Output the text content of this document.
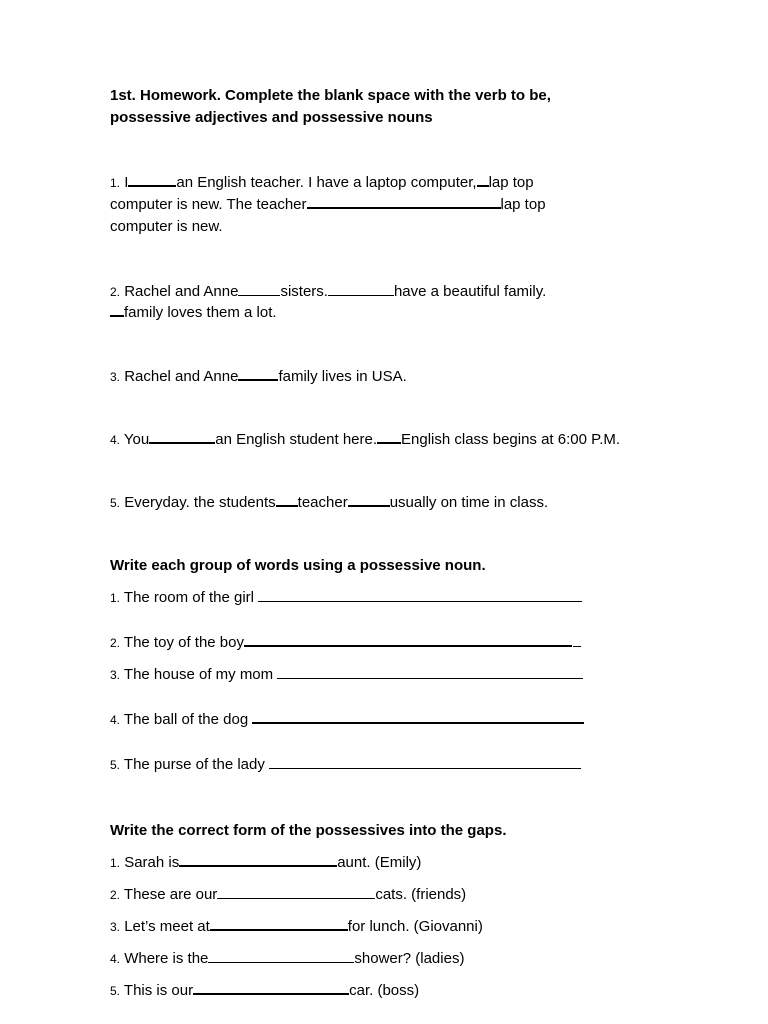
1st. Homework. Complete the blank space with the verb to be,
possessive adjectives and possessive nouns
1. I	an English teacher. I have a laptop computer, lap top
computer is new. The teacher	lap top
computer is new.
2. Rachel and Anne	sisters.	have a beautiful family.
family loves them a lot.
3. Rachel and Anne	family lives in USA.
4. You	an English student here. English class begins at 6:00 P.M.
5. Everyday. the students teacher	usually on time in class.
Write each group of words using a possessive noun.
1. The room of the girl
2. The toy of the boy
3. The house of my mom
4. The ball of the dog
5. The purse of the lady
Write the correct form of the possessives into the gaps.
1. Sarah is	aunt. (Emily)
2. These are our	cats. (friends)
3. Let’s meet at	for lunch. (Giovanni)
4. Where is the	shower? (ladies)
5. This is our	car. (boss)
